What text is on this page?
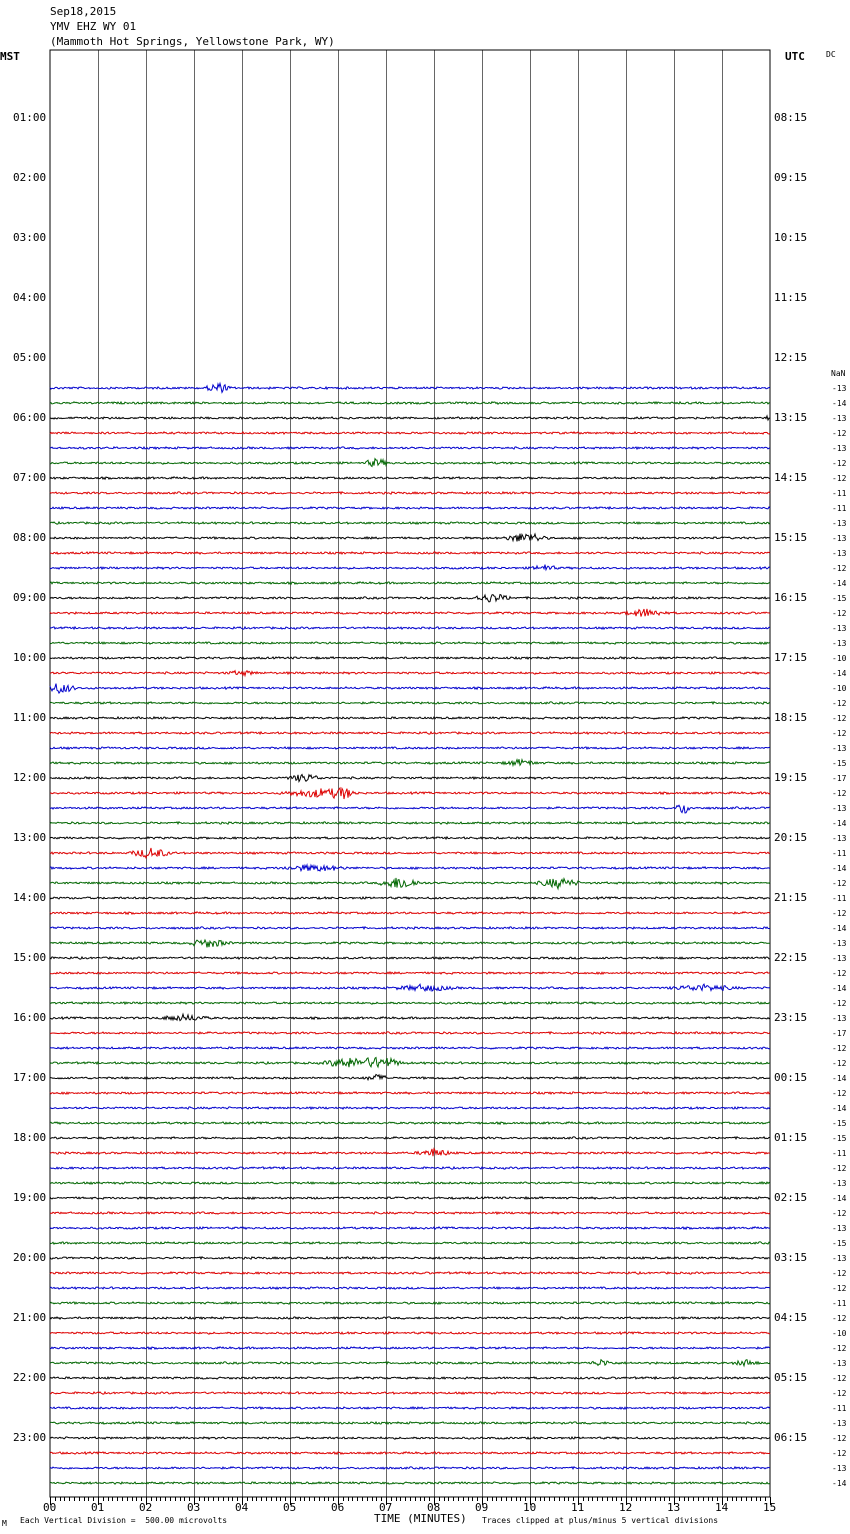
Sep18,2015
YMV EHZ WY 01
(Mammoth Hot Springs, Yellowstone Park, WY)
MST	UTC	DC
NaN
01:00
02:00
03:00
04:00
05:00
06:00
07:00
08:00
09:00
10:00
11:00
12:00
13:00
14:00
15:00
16:00
17:00
18:00
19:00
20:00
21:00
22:00
23:00
08:15
09:15
10:15
11:15
12:15
13:15
14:15
15:15
16:15
17:15
18:15
19:15
20:15
21:15
22:15
23:15
00:15
01:15
02:15
03:15
04:15
05:15
06:15
-13
-14
-13
-12
-13
-12
-12
-11
-11
-13
-13
-13
-12
-14
-15
-12
-13
-13
-10
-14
-10
-12
-12
-12
-13
-15
-17
-12
-13
-14
-13
-11
-14
-12
-11
-12
-14
-13
-13
-12
-14
-12
-13
-17
-12
-12
-14
-12
-14
-15
-15
-11
-12
-13
-14
-12
-13
-15
-13
-12
-12
-11
-12
-10
-12
-13
-12
-12
-11
-13
-12
-12
-13
-14
00	01	02	03	04	05	06	07	08	09	10	11	12	13	14	15
M Each Vertical Division =  500.00 microvolts	TIME (MINUTES) Traces clipped at plus/minus 5 vertical divisions
